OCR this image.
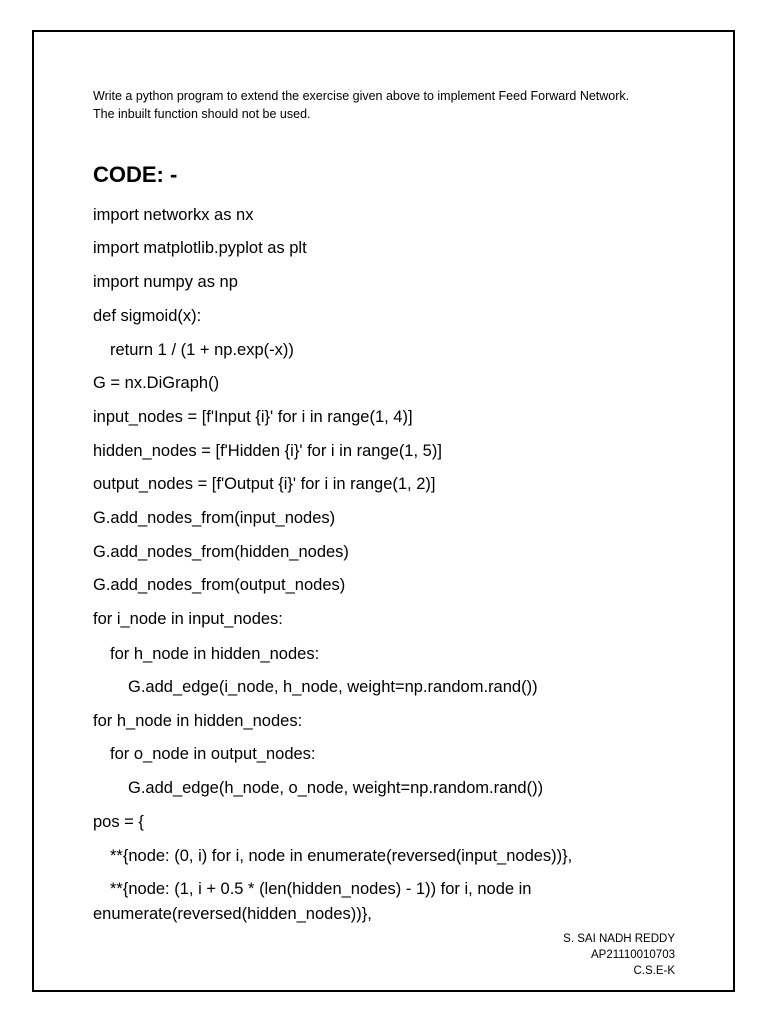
Write a python program to extend the exercise given above to implement Feed Forward Network.
The inbuilt function should not be used.
CODE: -
import networkx as nx
import matplotlib.pyplot as plt
import numpy as np
def sigmoid(x):
return 1 / (1 + np.exp(-x))
G = nx.DiGraph()
input_nodes = [f'Input {i}' for i in range(1, 4)]
hidden_nodes = [f'Hidden {i}' for i in range(1, 5)]
output_nodes = [f'Output {i}' for i in range(1, 2)]
G.add_nodes_from(input_nodes)
G.add_nodes_from(hidden_nodes)
G.add_nodes_from(output_nodes)
for i_node in input_nodes:
for h_node in hidden_nodes:
G.add_edge(i_node, h_node, weight=np.random.rand())
for h_node in hidden_nodes:
for o_node in output_nodes:
G.add_edge(h_node, o_node, weight=np.random.rand())
pos = {
**{node: (0, i) for i, node in enumerate(reversed(input_nodes))},
**{node: (1, i + 0.5 * (len(hidden_nodes) - 1)) for i, node in
enumerate(reversed(hidden_nodes))},
S. SAI NADH REDDY
AP21110010703
C.S.E-K
